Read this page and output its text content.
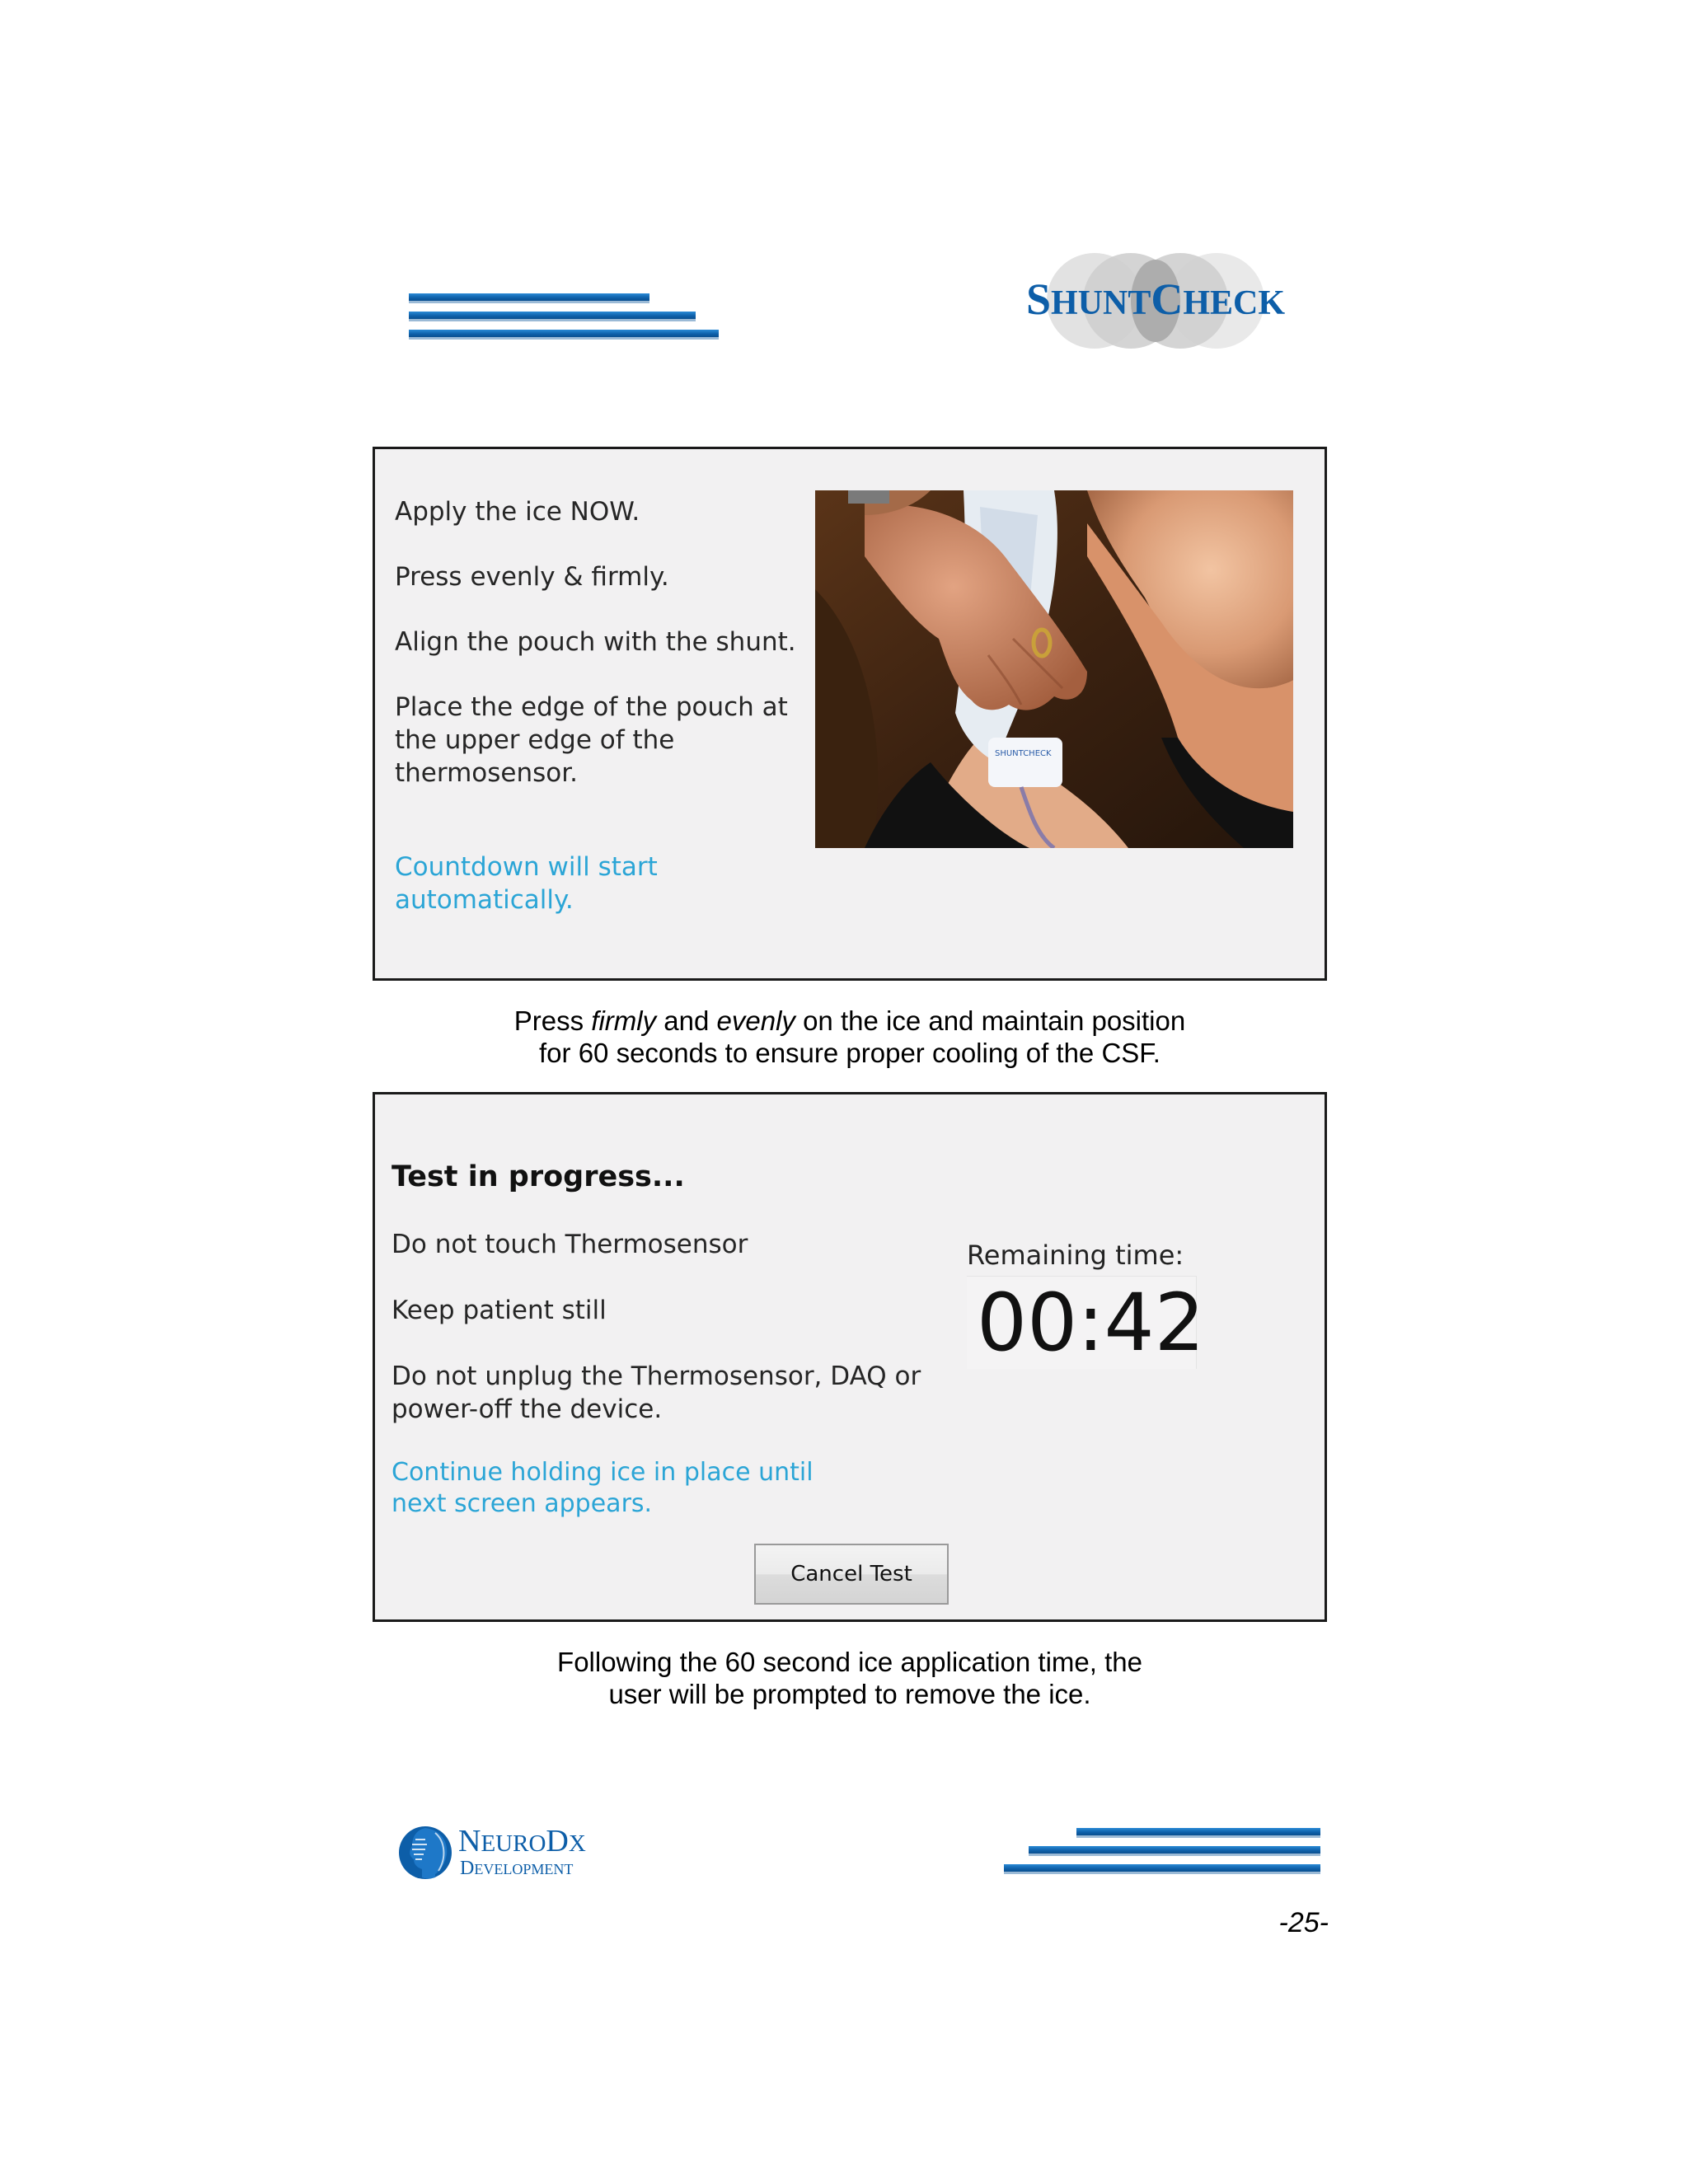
SHUNTCHECK
Apply the ice NOW.
Press evenly & firmly.
Align the pouch with the shunt.
Place the edge of the pouch at the upper edge of the thermosensor.
Countdown will start automatically.
SHUNTCHECK
Press firmly and evenly on the ice and maintain position
for 60 seconds to ensure proper cooling of the CSF.
Test in progress...
Do not touch Thermosensor
Keep patient still
Do not unplug the Thermosensor, DAQ or power-off the device.
Continue holding ice in place until next screen appears.
Remaining time:
00:42
Cancel Test
Following the 60 second ice application time, the
user will be prompted to remove the ice.
NEURODX
DEVELOPMENT
-25-
